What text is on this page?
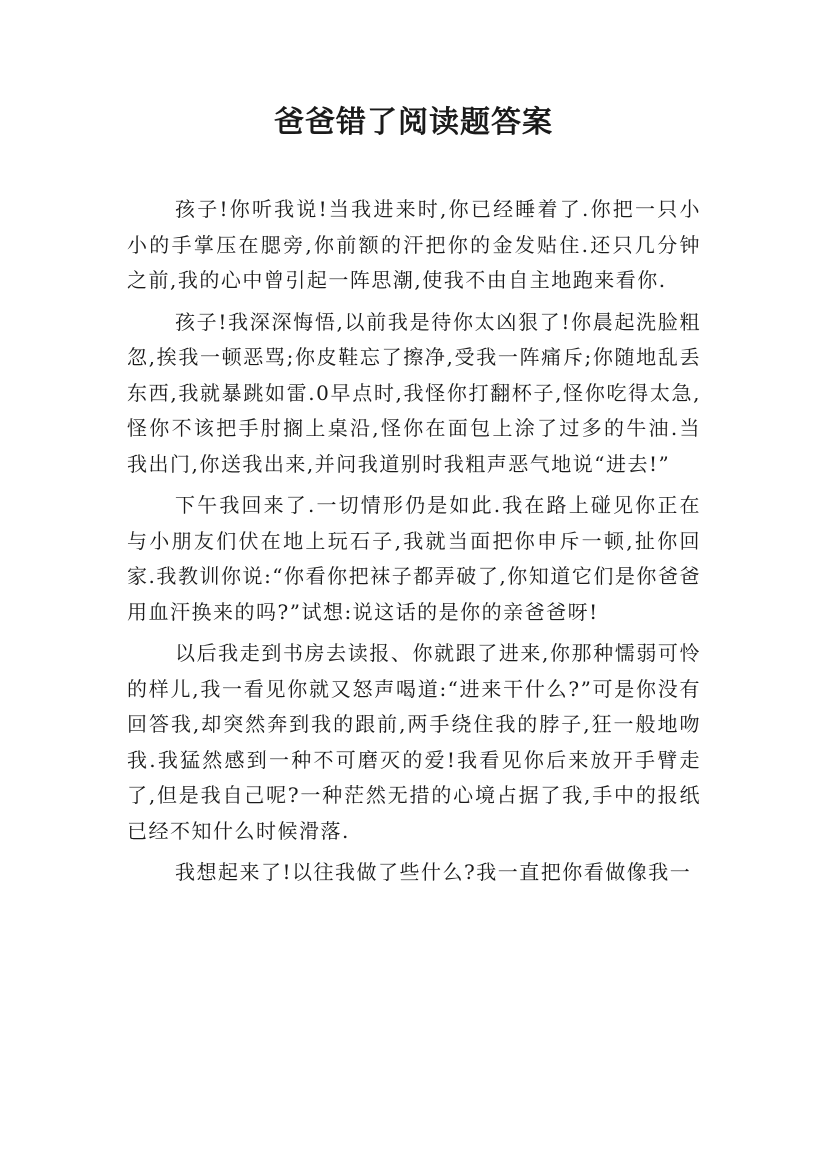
爸爸错了阅读题答案

孩子!你听我说!当我进来时,你已经睡着了.你把一只小小的手掌压在腮旁,你前额的汗把你的金发贴住.还只几分钟之前,我的心中曾引起一阵思潮,使我不由自主地跑来看你.

孩子!我深深悔悟,以前我是待你太凶狠了!你晨起洗脸粗忽,挨我一顿恶骂;你皮鞋忘了擦净,受我一阵痛斥;你随地乱丢东西,我就暴跳如雷.0早点时,我怪你打翻杯子,怪你吃得太急,怪你不该把手肘搁上桌沿,怪你在面包上涂了过多的牛油.当我出门,你送我出来,并问我道别时我粗声恶气地说“进去!”

下午我回来了.一切情形仍是如此.我在路上碰见你正在与小朋友们伏在地上玩石子,我就当面把你申斥一顿,扯你回家.我教训你说:“你看你把袜子都弄破了,你知道它们是你爸爸用血汗换来的吗?”试想:说这话的是你的亲爸爸呀!

以后我走到书房去读报、你就跟了进来,你那种懦弱可怜的样儿,我一看见你就又怒声喝道:“进来干什么?”可是你没有回答我,却突然奔到我的跟前,两手绕住我的脖子,狂一般地吻我.我猛然感到一种不可磨灭的爱!我看见你后来放开手臂走了,但是我自己呢?一种茫然无措的心境占据了我,手中的报纸已经不知什么时候滑落.

我想起来了!以往我做了些什么?我一直把你看做像我一
